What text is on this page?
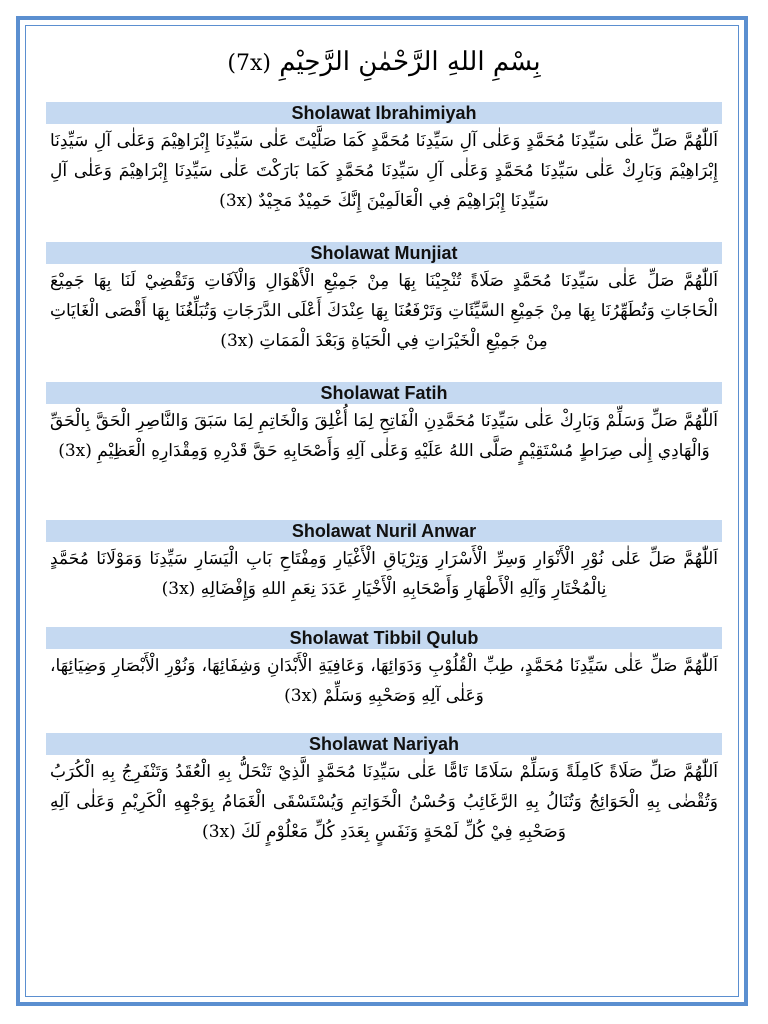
بِسْمِ اللهِ الرَّحْمٰنِ الرَّحِيْمِ (7x)
Sholawat Ibrahimiyah
اَللّٰهُمَّ صَلِّ عَلٰى سَيِّدِنَا مُحَمَّدٍ وَعَلٰى آلِ سَيِّدِنَا مُحَمَّدٍ كَمَا صَلَّيْتَ عَلٰى سَيِّدِنَا إِبْرَاهِيْمَ وَعَلٰى آلِ سَيِّدِنَا إِبْرَاهِيْمَ وَبَارِكْ عَلٰى سَيِّدِنَا مُحَمَّدٍ وَعَلٰى آلِ سَيِّدِنَا مُحَمَّدٍ كَمَا بَارَكْتَ عَلٰى سَيِّدِنَا إِبْرَاهِيْمَ وَعَلٰى آلِ سَيِّدِنَا إِبْرَاهِيْمَ فِي الْعَالَمِيْنَ إِنَّكَ حَمِيْدٌ مَجِيْدٌ (3x)
Sholawat Munjiat
اَللّٰهُمَّ صَلِّ عَلٰى سَيِّدِنَا مُحَمَّدٍ صَلَاةً تُنْجِيْنَا بِهَا مِنْ جَمِيْعِ الْأَهْوَالِ وَالْآفَاتِ وَتَقْضِيْ لَنَا بِهَا جَمِيْعَ الْحَاجَاتِ وَتُطَهِّرُنَا بِهَا مِنْ جَمِيْعِ السَّيِّئَاتِ وَتَرْفَعُنَا بِهَا عِنْدَكَ أَعْلَى الدَّرَجَاتِ وَتُبَلِّغُنَا بِهَا أَقْصَى الْغَايَاتِ مِنْ جَمِيْعِ الْخَيْرَاتِ فِي الْحَيَاةِ وَبَعْدَ الْمَمَاتِ (3x)
Sholawat Fatih
اَللّٰهُمَّ صَلِّ وَسَلِّمْ وَبَارِكْ عَلٰى سَيِّدِنَا مُحَمَّدِنِ الْفَاتِحِ لِمَا أُغْلِقَ وَالْخَاتِمِ لِمَا سَبَقَ وَالنَّاصِرِ الْحَقَّ بِالْحَقِّ وَالْهَادِي إِلٰى صِرَاطٍ مُسْتَقِيْمٍ صَلَّى اللهُ عَلَيْهِ وَعَلٰى آلِهِ وَأَصْحَابِهِ حَقَّ قَدْرِهِ وَمِقْدَارِهِ الْعَظِيْمِ (3x)
Sholawat Nuril Anwar
اَللّٰهُمَّ صَلِّ عَلٰى نُوْرِ الْأَنْوَارِ وَسِرِّ الْأَسْرَارِ وَتِرْيَاقِ الْأَغْيَارِ وَمِفْتَاحِ بَابِ الْيَسَارِ سَيِّدِنَا وَمَوْلَانَا مُحَمَّدٍ نِالْمُخْتَارِ وَآلِهِ الْأَطْهَارِ وَأَصْحَابِهِ الْأَخْيَارِ عَدَدَ نِعَمِ اللهِ وَإِفْضَالِهِ (3x)
Sholawat Tibbil Qulub
اَللّٰهُمَّ صَلِّ عَلٰى سَيِّدِنَا مُحَمَّدٍ، طِبِّ الْقُلُوْبِ وَدَوَائِهَا، وَعَافِيَةِ الْأَبْدَانِ وَشِفَائِهَا، وَنُوْرِ الْأَبْصَارِ وَضِيَائِهَا، وَعَلٰى آلِهِ وَصَحْبِهِ وَسَلِّمْ (3x)
Sholawat Nariyah
اَللّٰهُمَّ صَلِّ صَلَاةً كَامِلَةً وَسَلِّمْ سَلَامًا تَامًّا عَلٰى سَيِّدِنَا مُحَمَّدٍ الَّذِيْ تَنْحَلُّ بِهِ الْعُقَدُ وَتَنْفَرِجُ بِهِ الْكُرَبُ وَتُقْضٰى بِهِ الْحَوَائِجُ وَتُنَالُ بِهِ الرَّغَائِبُ وَحُسْنُ الْخَوَاتِمِ وَيُسْتَسْقَى الْغَمَامُ بِوَجْهِهِ الْكَرِيْمِ وَعَلٰى آلِهِ وَصَحْبِهِ فِيْ كُلِّ لَمْحَةٍ وَنَفَسٍ بِعَدَدِ كُلِّ مَعْلُوْمٍ لَكَ (3x)
